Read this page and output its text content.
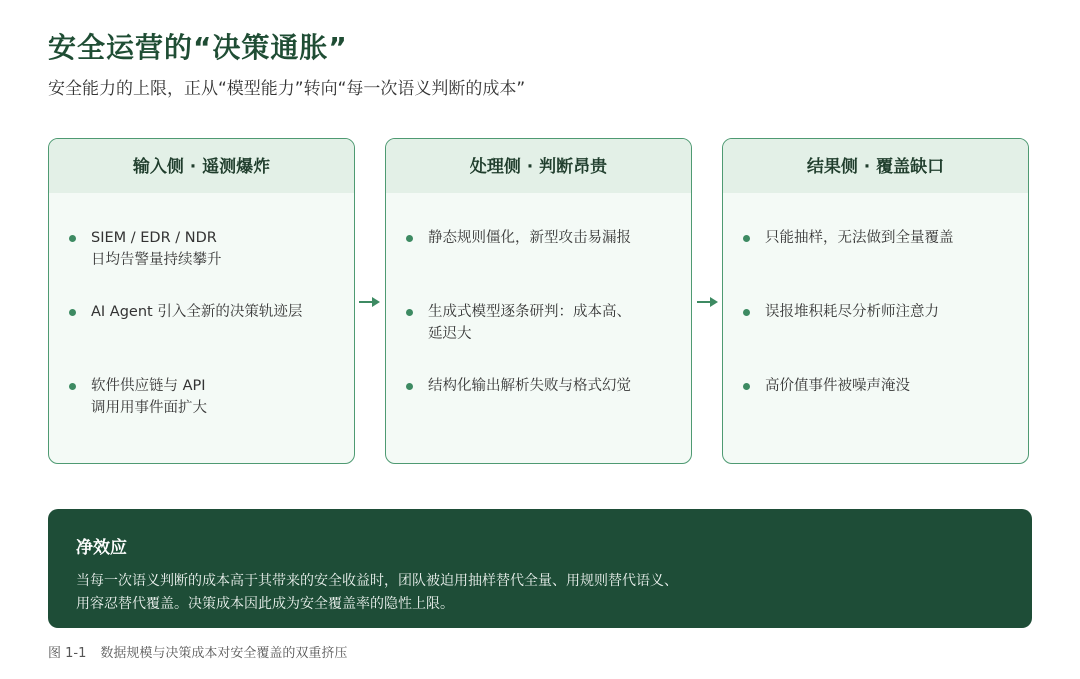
安全运营的“决策通胀”
安全能力的上限，正从“模型能力”转向“每一次语义判断的成本”
输入侧 · 遥测爆炸
SIEM / EDR / NDR
日均告警量持续攀升
AI Agent 引入全新的决策轨迹层
软件供应链与 API
调用用事件面扩大
处理侧 · 判断昂贵
静态规则僵化，新型攻击易漏报
生成式模型逐条研判：成本高、
延迟大
结构化输出解析失败与格式幻觉
结果侧 · 覆盖缺口
只能抽样，无法做到全量覆盖
误报堆积耗尽分析师注意力
高价值事件被噪声淹没
净效应
当每一次语义判断的成本高于其带来的安全收益时，团队被迫用抽样替代全量、用规则替代语义、
用容忍替代覆盖。决策成本因此成为安全覆盖率的隐性上限。
图 1-1 数据规模与决策成本对安全覆盖的双重挤压
